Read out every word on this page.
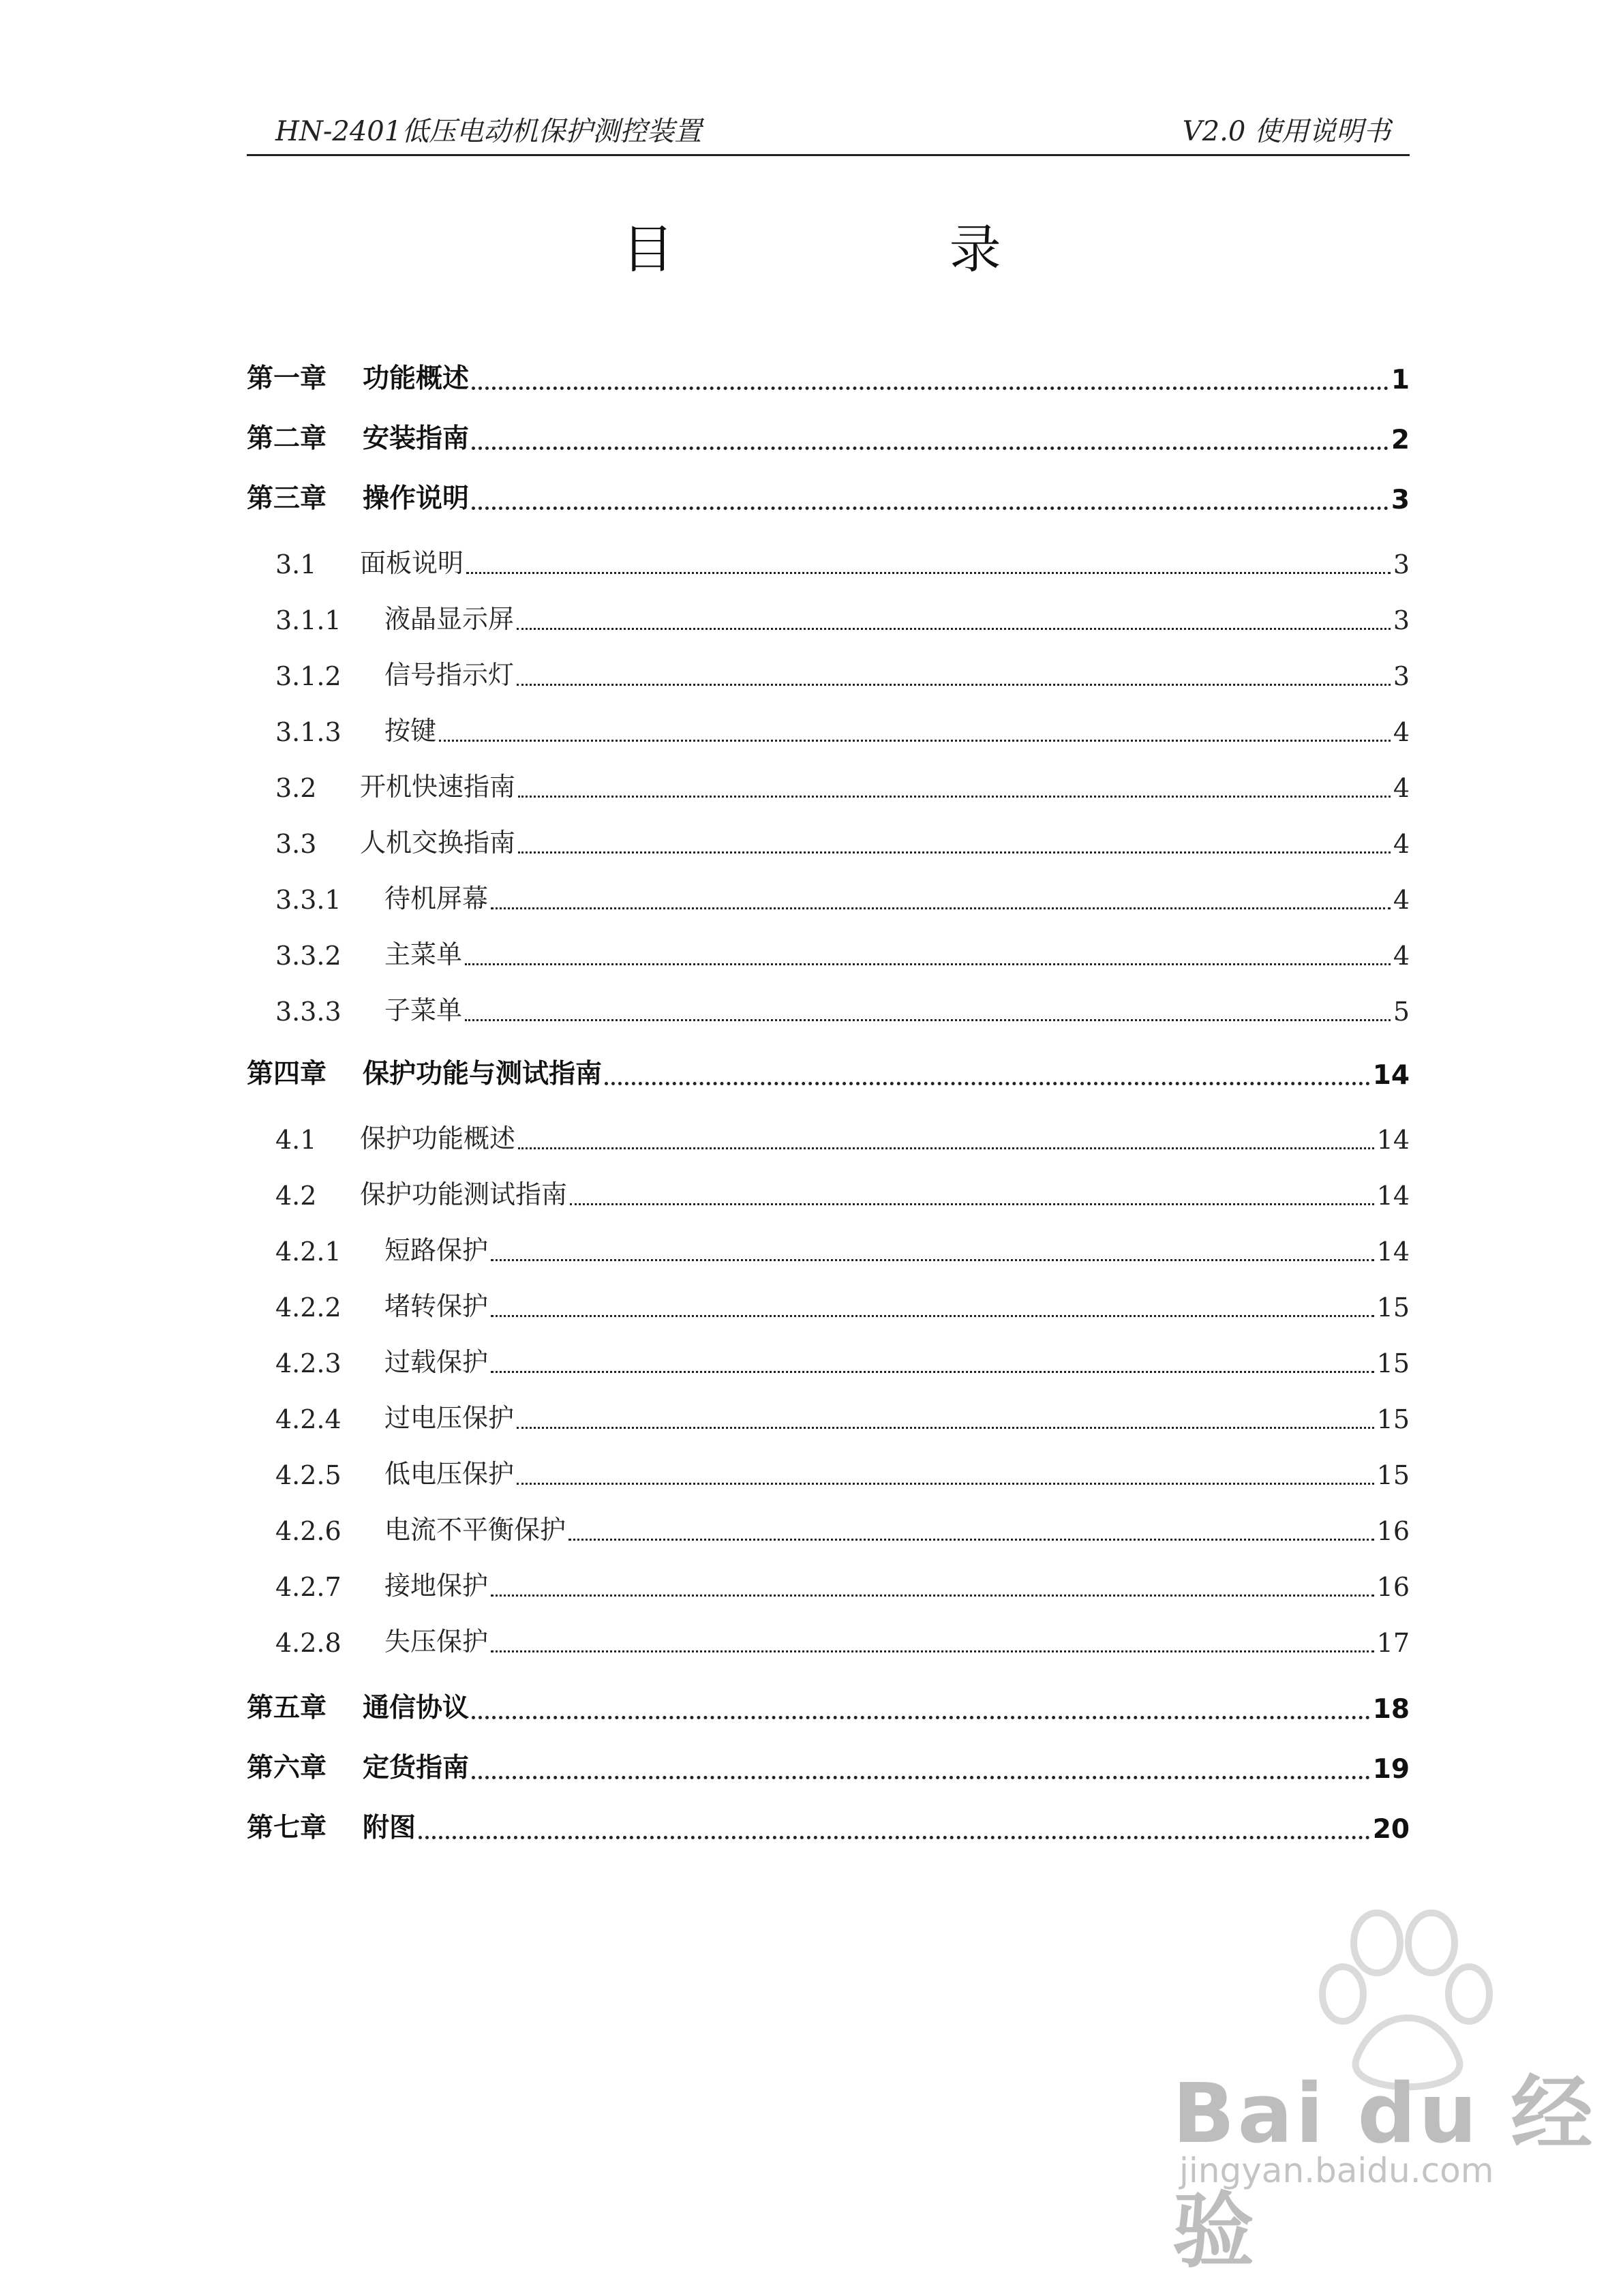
HN-2401低压电动机保护测控装置	V2.0 使用说明书
目 录
第一章	功能概述	1
第二章	安装指南	2
第三章	操作说明	3
3.1	面板说明	3
3.1.1	液晶显示屏	3
3.1.2	信号指示灯	3
3.1.3	按键	4
3.2	开机快速指南	4
3.3	人机交换指南	4
3.3.1	待机屏幕	4
3.3.2	主菜单	4
3.3.3	子菜单	5
第四章	保护功能与测试指南	14
4.1	保护功能概述	14
4.2	保护功能测试指南	14
4.2.1	短路保护	14
4.2.2	堵转保护	15
4.2.3	过载保护	15
4.2.4	过电压保护	15
4.2.5	低电压保护	15
4.2.6	电流不平衡保护	16
4.2.7	接地保护	16
4.2.8	失压保护	17
第五章	通信协议	18
第六章	定货指南	19
第七章	附图	20
Bai du 经验
jingyan.baidu.com
